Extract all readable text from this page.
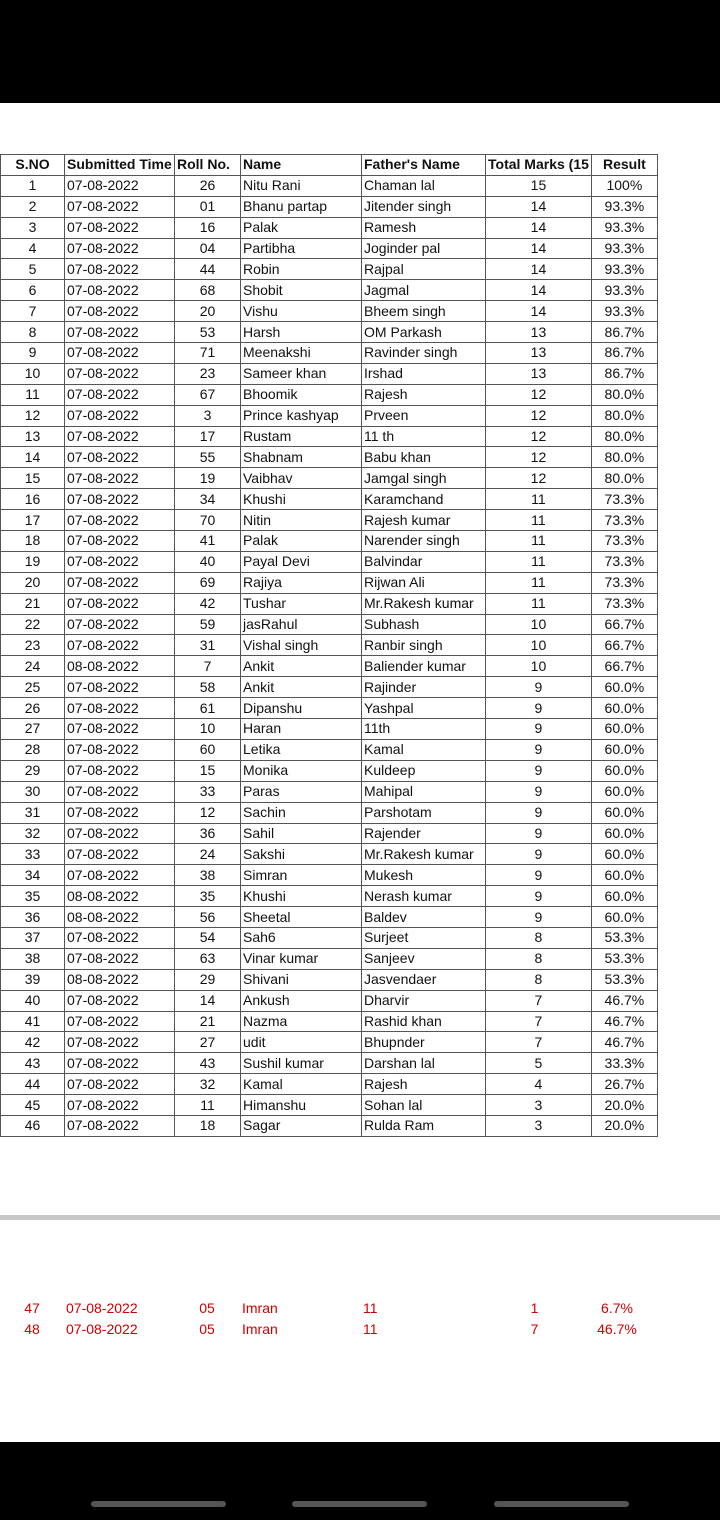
S.NO	Submitted Time	Roll No.	Name	Father's Name	Total Marks (15	Result
1	07-08-2022	26	Nitu Rani	Chaman lal	15	100%
2	07-08-2022	01	Bhanu partap	Jitender singh	14	93.3%
3	07-08-2022	16	Palak	Ramesh	14	93.3%
4	07-08-2022	04	Partibha	Joginder pal	14	93.3%
5	07-08-2022	44	Robin	Rajpal	14	93.3%
6	07-08-2022	68	Shobit	Jagmal	14	93.3%
7	07-08-2022	20	Vishu	Bheem singh	14	93.3%
8	07-08-2022	53	Harsh	OM Parkash	13	86.7%
9	07-08-2022	71	Meenakshi	Ravinder singh	13	86.7%
10	07-08-2022	23	Sameer khan	Irshad	13	86.7%
11	07-08-2022	67	Bhoomik	Rajesh	12	80.0%
12	07-08-2022	3	Prince kashyap	Prveen	12	80.0%
13	07-08-2022	17	Rustam	11 th	12	80.0%
14	07-08-2022	55	Shabnam	Babu khan	12	80.0%
15	07-08-2022	19	Vaibhav	Jamgal singh	12	80.0%
16	07-08-2022	34	Khushi	Karamchand	11	73.3%
17	07-08-2022	70	Nitin	Rajesh kumar	11	73.3%
18	07-08-2022	41	Palak	Narender singh	11	73.3%
19	07-08-2022	40	Payal Devi	Balvindar	11	73.3%
20	07-08-2022	69	Rajiya	Rijwan Ali	11	73.3%
21	07-08-2022	42	Tushar	Mr.Rakesh kumar	11	73.3%
22	07-08-2022	59	jasRahul	Subhash	10	66.7%
23	07-08-2022	31	Vishal singh	Ranbir singh	10	66.7%
24	08-08-2022	7	Ankit	Baliender kumar	10	66.7%
25	07-08-2022	58	Ankit	Rajinder	9	60.0%
26	07-08-2022	61	Dipanshu	Yashpal	9	60.0%
27	07-08-2022	10	Haran	11th	9	60.0%
28	07-08-2022	60	Letika	Kamal	9	60.0%
29	07-08-2022	15	Monika	Kuldeep	9	60.0%
30	07-08-2022	33	Paras	Mahipal	9	60.0%
31	07-08-2022	12	Sachin	Parshotam	9	60.0%
32	07-08-2022	36	Sahil	Rajender	9	60.0%
33	07-08-2022	24	Sakshi	Mr.Rakesh kumar	9	60.0%
34	07-08-2022	38	Simran	Mukesh	9	60.0%
35	08-08-2022	35	Khushi	Nerash kumar	9	60.0%
36	08-08-2022	56	Sheetal	Baldev	9	60.0%
37	07-08-2022	54	Sah6	Surjeet	8	53.3%
38	07-08-2022	63	Vinar kumar	Sanjeev	8	53.3%
39	08-08-2022	29	Shivani	Jasvendaer	8	53.3%
40	07-08-2022	14	Ankush	Dharvir	7	46.7%
41	07-08-2022	21	Nazma	Rashid khan	7	46.7%
42	07-08-2022	27	udit	Bhupnder	7	46.7%
43	07-08-2022	43	Sushil kumar	Darshan lal	5	33.3%
44	07-08-2022	32	Kamal	Rajesh	4	26.7%
45	07-08-2022	11	Himanshu	Sohan lal	3	20.0%
46	07-08-2022	18	Sagar	Rulda Ram	3	20.0%
47	07-08-2022	05	Imran	11	1	6.7%
48	07-08-2022	05	Imran	11	7	46.7%
